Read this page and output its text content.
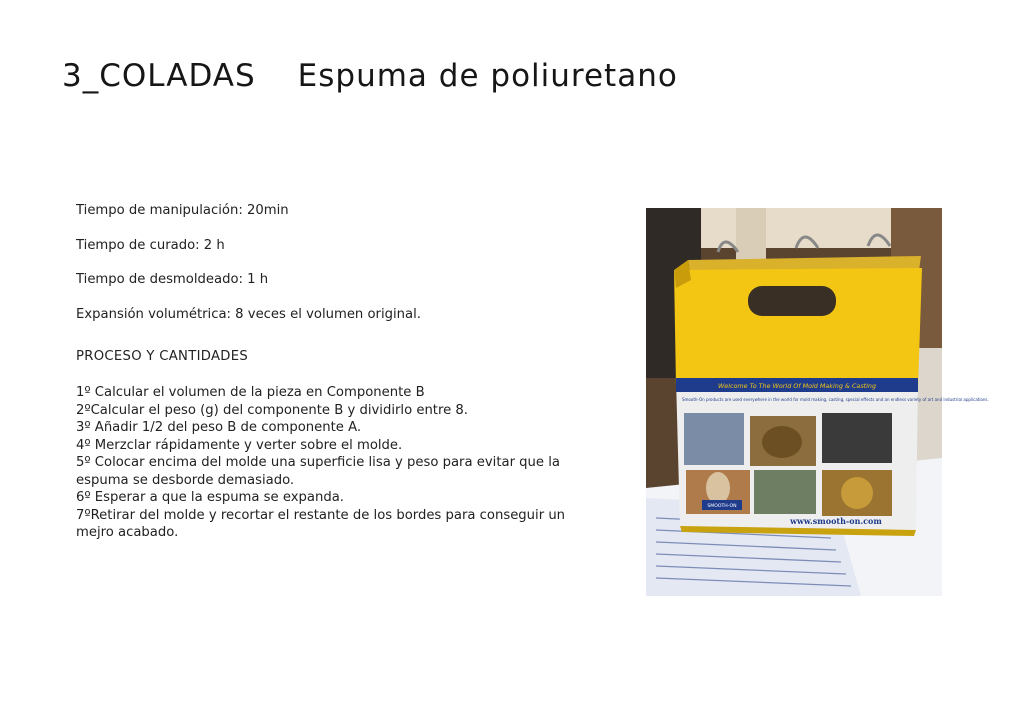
3_COLADAS Espuma de poliuretano

Tiempo de manipulación: 20min

Tiempo de curado: 2 h

Tiempo de desmoldeado: 1 h

Expansión volumétrica: 8 veces el volumen original.

PROCESO Y CANTIDADES

1º Calcular el volumen de la pieza en Componente B

2ºCalcular el peso (g) del componente B y dividirlo entre 8.

3º Añadir 1/2 del peso B de componente A.

4º Merzclar rápidamente y verter sobre el molde.

5º Colocar encima del molde una superficie lisa y peso para evitar que la espuma se desborde demasiado.

6º Esperar a que la espuma se expanda.

7ºRetirar del molde y recortar el restante de los bordes para conseguir un mejro acabado.

Welcome To The World Of Mold Making & Casting
Smooth-On products are used everywhere in the world for mold making, casting, special effects and an endless variety of art and industrial applications.
SMOOTH-ON
www.smooth-on.com
